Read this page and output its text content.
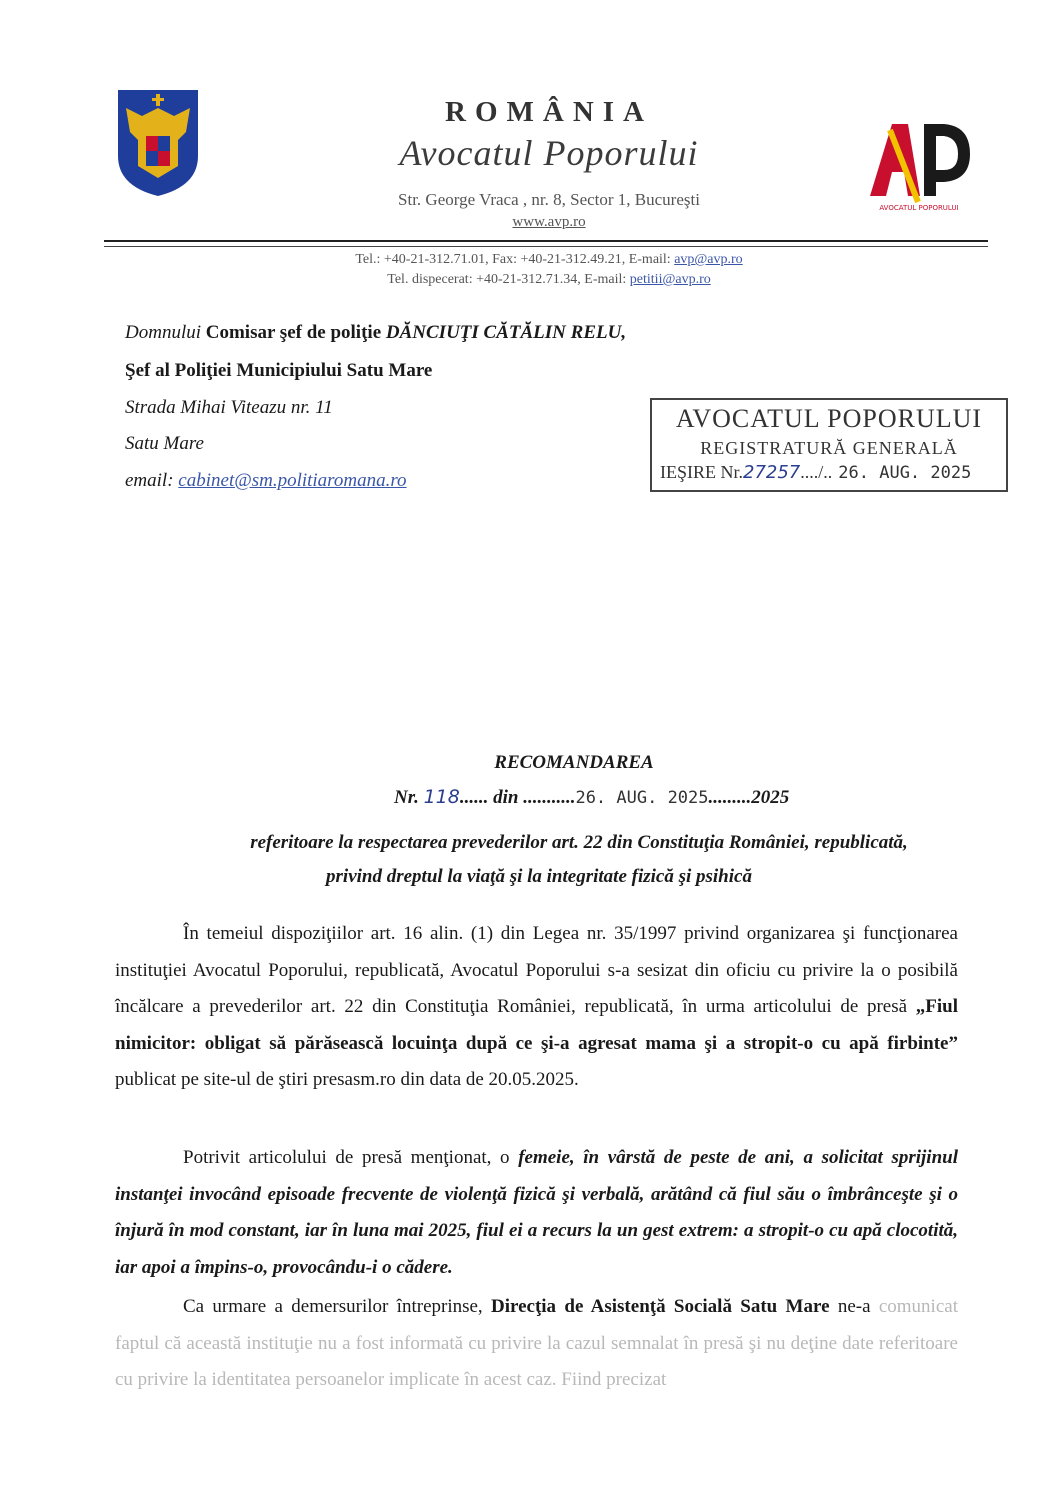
ROMÂNIA
Avocatul Poporului
Str. George Vraca , nr. 8, Sector 1, Bucureşti
www.avp.ro
AVOCATUL POPORULUI
Tel.: +40-21-312.71.01, Fax: +40-21-312.49.21, E-mail: avp@avp.ro
Tel. dispecerat: +40-21-312.71.34, E-mail: petitii@avp.ro
Domnului Comisar şef de poliţie DĂNCIUŢI CĂTĂLIN RELU,
Şef al Poliţiei Municipiului Satu Mare
Strada Mihai Viteazu nr. 11
Satu Mare
email: cabinet@sm.politiaromana.ro
AVOCATUL POPORULUI
REGISTRATURĂ GENERALĂ
IEŞIRE Nr.27257..../.. 26. AUG. 2025
RECOMANDAREA
Nr. 118...... din ...........26. AUG. 2025.........2025
referitoare la respectarea prevederilor art. 22 din Constituţia României, republicată,
privind dreptul la viaţă şi la integritate fizică şi psihică
În temeiul dispoziţiilor art. 16 alin. (1) din Legea nr. 35/1997 privind organizarea şi funcţionarea instituţiei Avocatul Poporului, republicată, Avocatul Poporului s-a sesizat din oficiu cu privire la o posibilă încălcare a prevederilor art. 22 din Constituţia României, republicată, în urma articolului de presă „Fiul nimicitor: obligat să părăsească locuinţa după ce şi-a agresat mama şi a stropit-o cu apă firbinte” publicat pe site-ul de ştiri presasm.ro din data de 20.05.2025.
Potrivit articolului de presă menţionat, o femeie, în vârstă de peste de ani, a solicitat sprijinul instanţei invocând episoade frecvente de violenţă fizică şi verbală, arătând că fiul său o îmbrânceşte şi o înjură în mod constant, iar în luna mai 2025, fiul ei a recurs la un gest extrem: a stropit-o cu apă clocotită, iar apoi a împins-o, provocându-i o cădere.
Ca urmare a demersurilor întreprinse, Direcţia de Asistenţă Socială Satu Mare ne-a comunicat faptul că această instituţie nu a fost informată cu privire la cazul semnalat în presă şi nu deţine date referitoare cu privire la identitatea persoanelor implicate în acest caz. Fiind precizat
